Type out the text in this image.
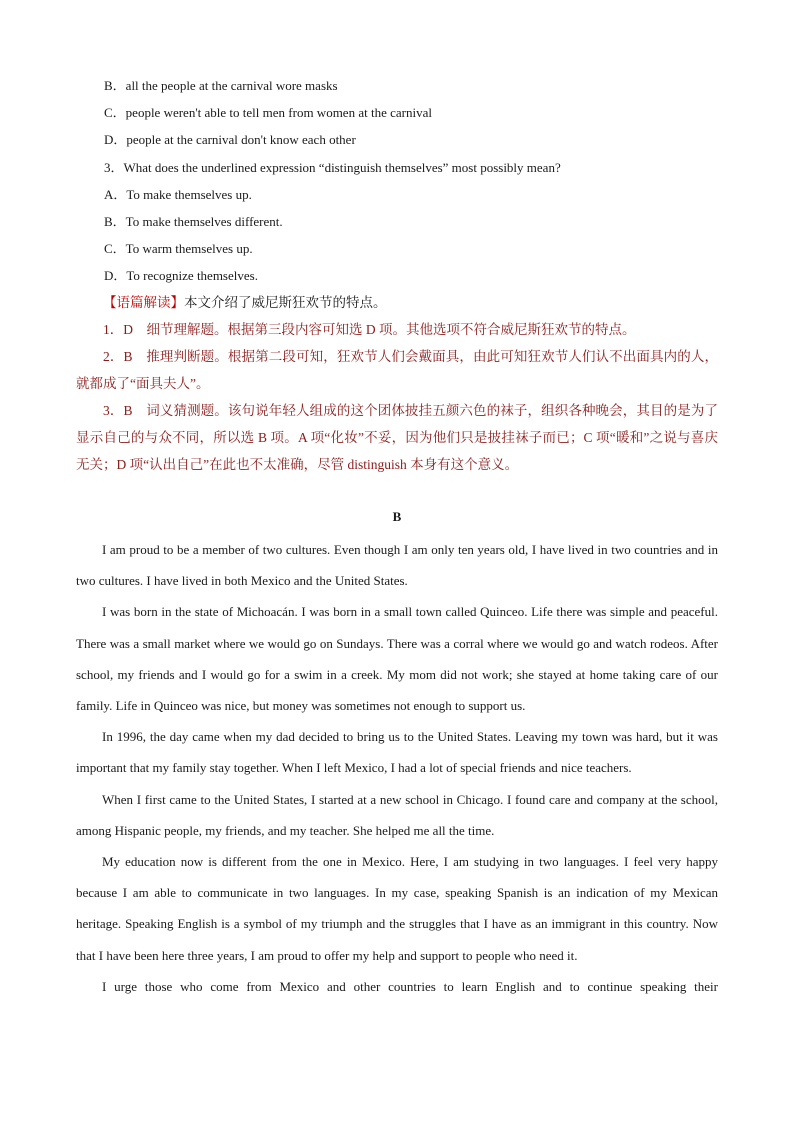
B．all the people at the carnival wore masks
C．people weren't able to tell men from women at the carnival
D．people at the carnival don't know each other
3．What does the underlined expression “distinguish themselves” most possibly mean?
A．To make themselves up.
B．To make themselves different.
C．To warm themselves up.
D．To recognize themselves.

【语篇解读】本文介绍了威尼斯狂欢节的特点。

1．D　细节理解题。根据第三段内容可知选 D 项。其他选项不符合威尼斯狂欢节的特点。

2．B　推理判断题。根据第二段可知，狂欢节人们会戴面具，由此可知狂欢节人们认不出面具内的人，就都成了“面具夫人”。

3．B　词义猜测题。该句说年轻人组成的这个团体披挂五颜六色的袜子，组织各种晚会，其目的是为了显示自己的与众不同，所以选 B 项。A 项“化妆”不妥，因为他们只是披挂袜子而已；C 项“暖和”之说与喜庆无关；D 项“认出自己”在此也不太准确，尽管 distinguish 本身有这个意义。

B

I am proud to be a member of two cultures. Even though I am only ten years old, I have lived in two countries and in two cultures. I have lived in both Mexico and the United States.

I was born in the state of Michoacán. I was born in a small town called Quinceo. Life there was simple and peaceful. There was a small market where we would go on Sundays. There was a corral where we would go and watch rodeos. After school, my friends and I would go for a swim in a creek. My mom did not work; she stayed at home taking care of our family. Life in Quinceo was nice, but money was sometimes not enough to support us.

In 1996, the day came when my dad decided to bring us to the United States. Leaving my town was hard, but it was important that my family stay together. When I left Mexico, I had a lot of special friends and nice teachers.

When I first came to the United States, I started at a new school in Chicago. I found care and company at the school, among Hispanic people, my friends, and my teacher. She helped me all the time.

My education now is different from the one in Mexico. Here, I am studying in two languages. I feel very happy because I am able to communicate in two languages. In my case, speaking Spanish is an indication of my Mexican heritage. Speaking English is a symbol of my triumph and the struggles that I have as an immigrant in this country. Now that I have been here three years, I am proud to offer my help and support to people who need it.

I urge those who come from Mexico and other countries to learn English and to continue speaking their
